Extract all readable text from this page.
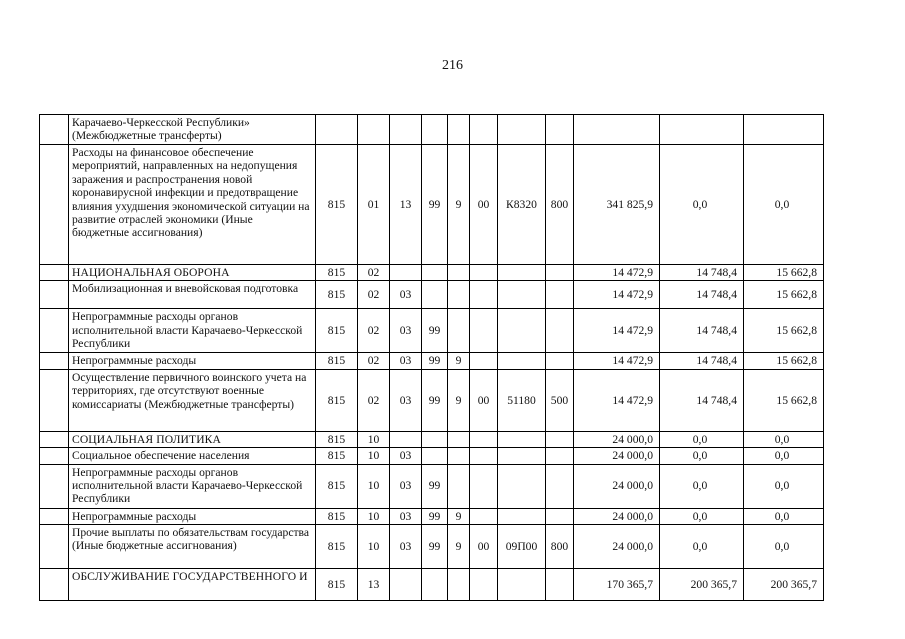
216
	Карачаево-Черкесской Республики» (Межбюджетные трансферты)											
	Расходы на финансовое обеспечение мероприятий, направленных на недопущения заражения и распространения новой коронавирусной инфекции и предотвращение влияния ухудшения экономической ситуации на развитие отраслей экономики (Иные бюджетные ассигнования)	815	01	13	99	9	00	К8320	800	341 825,9	0,0	0,0
	НАЦИОНАЛЬНАЯ ОБОРОНА	815	02							14 472,9	14 748,4	15 662,8
	Мобилизационная и вневойсковая подготовка	815	02	03						14 472,9	14 748,4	15 662,8
	Непрограммные расходы органов исполнительной власти Карачаево-Черкесской Республики	815	02	03	99					14 472,9	14 748,4	15 662,8
	Непрограммные расходы	815	02	03	99	9				14 472,9	14 748,4	15 662,8
	Осуществление первичного воинского учета на территориях, где отсутствуют военные комиссариаты (Межбюджетные трансферты)	815	02	03	99	9	00	51180	500	14 472,9	14 748,4	15 662,8
	СОЦИАЛЬНАЯ ПОЛИТИКА	815	10							24 000,0	0,0	0,0
	Социальное обеспечение населения	815	10	03						24 000,0	0,0	0,0
	Непрограммные расходы органов исполнительной власти Карачаево-Черкесской Республики	815	10	03	99					24 000,0	0,0	0,0
	Непрограммные расходы	815	10	03	99	9				24 000,0	0,0	0,0
	Прочие выплаты по обязательствам государства (Иные бюджетные ассигнования)	815	10	03	99	9	00	09П00	800	24 000,0	0,0	0,0
	ОБСЛУЖИВАНИЕ ГОСУДАРСТВЕННОГО И	815	13							170 365,7	200 365,7	200 365,7
